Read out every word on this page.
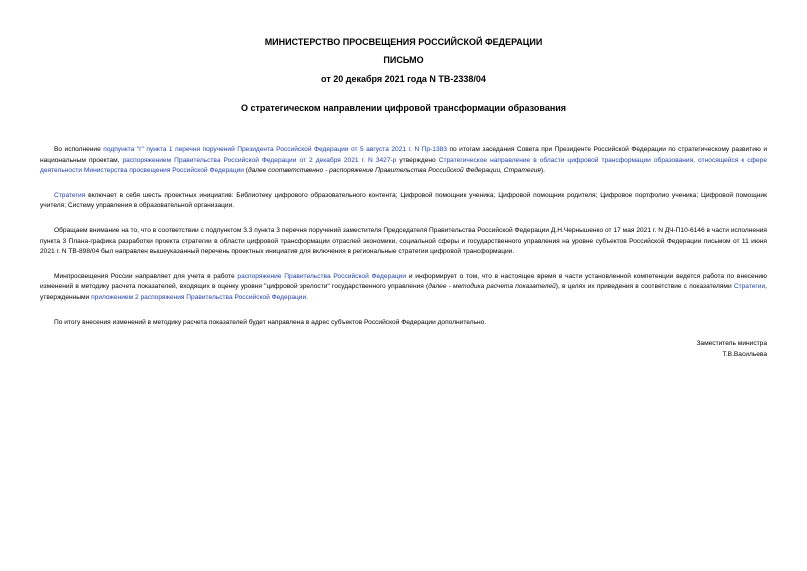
МИНИСТЕРСТВО ПРОСВЕЩЕНИЯ РОССИЙСКОЙ ФЕДЕРАЦИИ
ПИСЬМО
от 20 декабря 2021 года N ТВ-2338/04
О стратегическом направлении цифровой трансформации образования

Во исполнение подпункта "г" пункта 1 перечня поручений Президента Российской Федерации от 5 августа 2021 г. N Пр-1383 по итогам заседания Совета при Президенте Российской Федерации по стратегическому развитию и национальным проектам, распоряжением Правительства Российской Федерации от 2 декабря 2021 г. N 3427-р утверждено Стратегическое направление в области цифровой трансформации образования, относящейся к сфере деятельности Министерства просвещения Российской Федерации (далее соответственно - распоряжение Правительства Российской Федерации, Стратегия).

Стратегия включает в себя шесть проектных инициатив: Библиотеку цифрового образовательного контента; Цифровой помощник ученика; Цифровой помощник родителя; Цифровое портфолио ученика; Цифровой помощник учителя; Систему управления в образовательной организации.

Обращаем внимание на то, что в соответствии с подпунктом 3.3 пункта 3 перечня поручений заместителя Председателя Правительства Российской Федерации Д.Н.Чернышенко от 17 мая 2021 г. N ДЧ-П10-6146 в части исполнения пункта 3 Плана-графика разработки проекта стратегии в области цифровой трансформации отраслей экономики, социальной сферы и государственного управления на уровне субъектов Российской Федерации письмом от 11 июня 2021 г. N ТВ-898/04 был направлен вышеуказанный перечень проектных инициатив для включения в региональные стратегии цифровой трансформации.

Минпросвещения России направляет для учета в работе распоряжение Правительства Российской Федерации и информирует о том, что в настоящее время в части установленной компетенции ведется работа по внесению изменений в методику расчета показателей, входящих в оценку уровня "цифровой зрелости" государственного управления (далее - методика расчета показателей), в целях их приведения в соответствие с показателями Стратегии, утвержденными приложением 2 распоряжения Правительства Российской Федерации.

По итогу внесения изменений в методику расчета показателей будет направлена в адрес субъектов Российской Федерации дополнительно.

Заместитель министра
Т.В.Васильева
